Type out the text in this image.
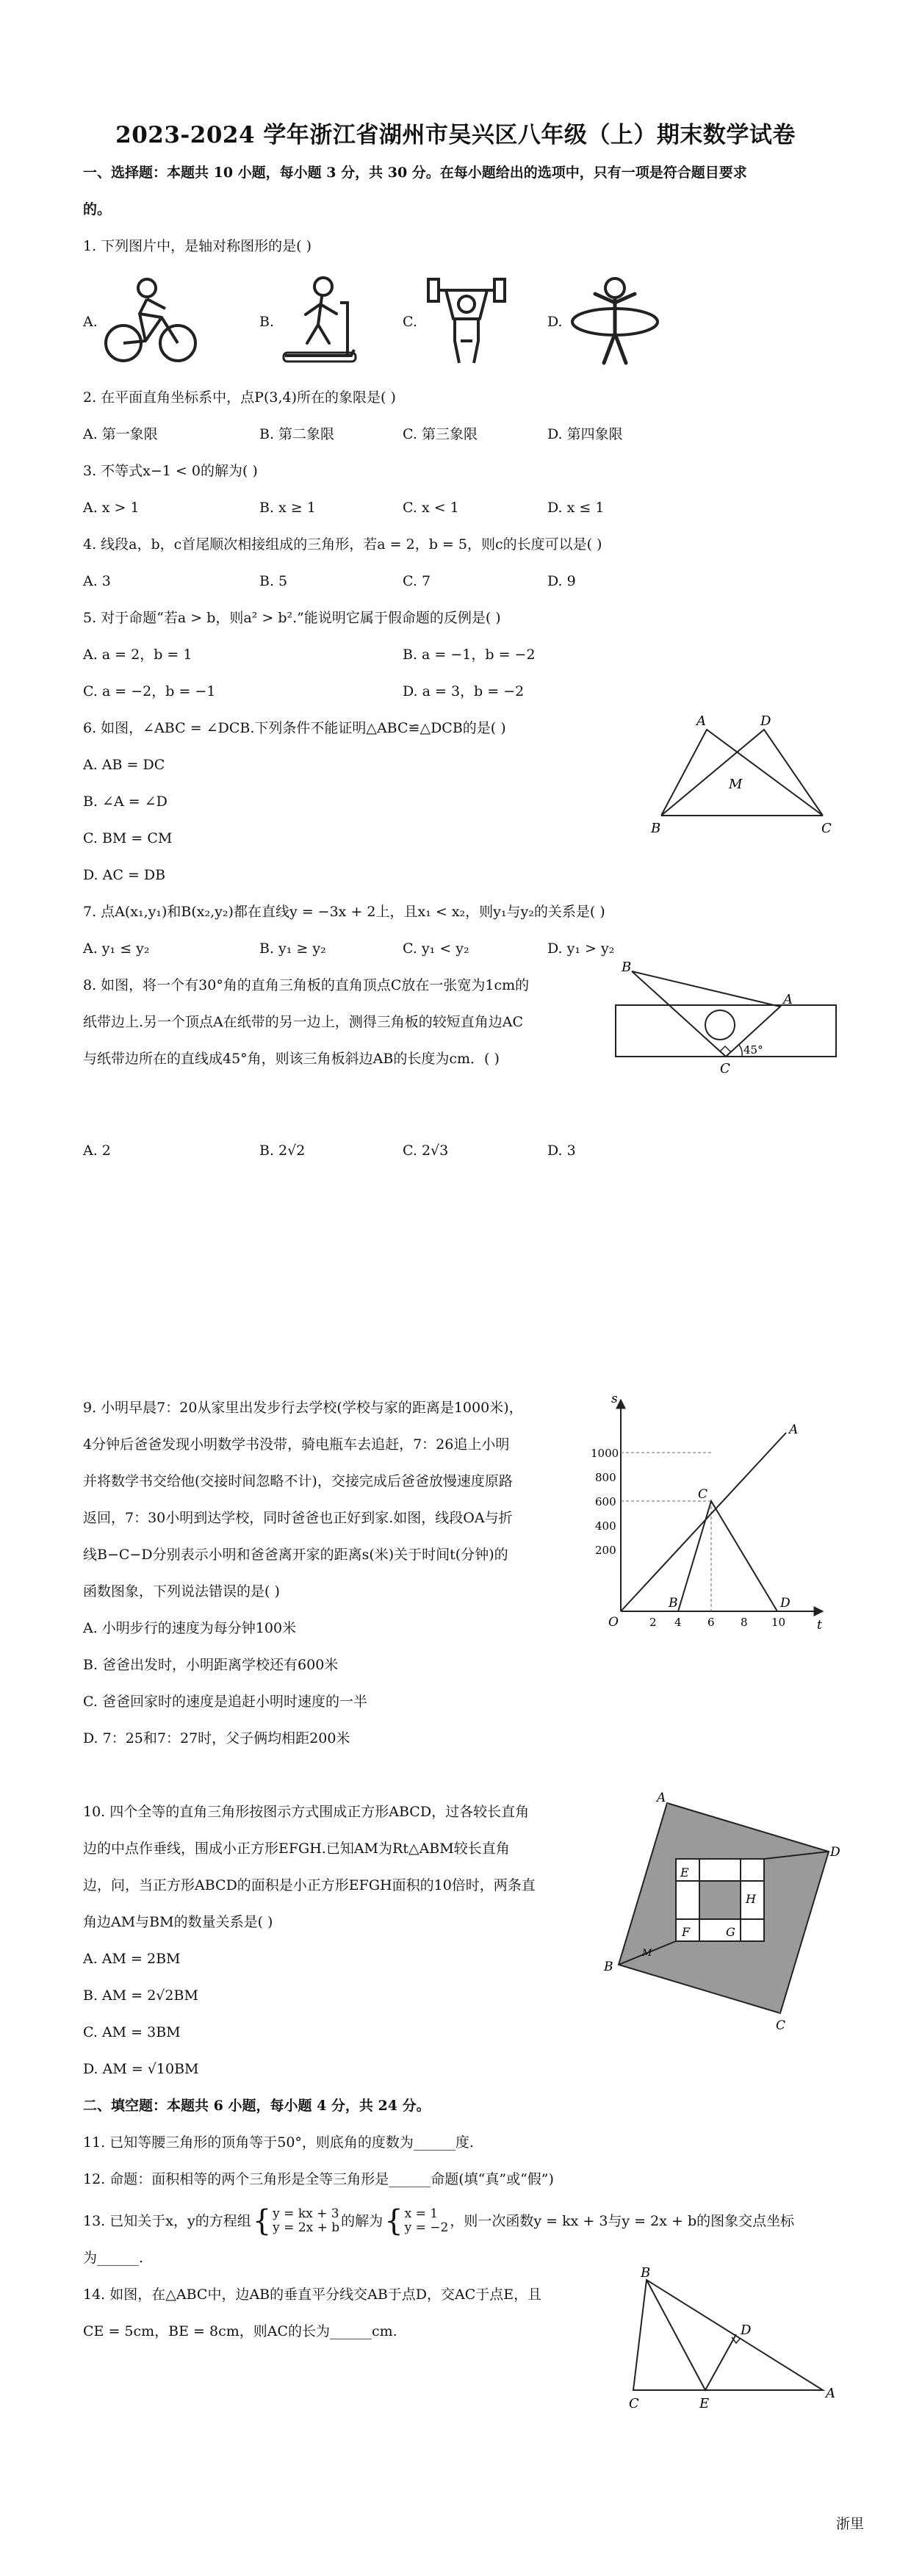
2023-2024 学年浙江省湖州市吴兴区八年级（上）期末数学试卷
一、选择题：本题共 10 小题，每小题 3 分，共 30 分。在每小题给出的选项中，只有一项是符合题目要求
的。
1. 下列图片中，是轴对称图形的是( )
A.	B.	C.	D.
2. 在平面直角坐标系中，点P(3,4)所在的象限是( )
A. 第一象限	B. 第二象限	C. 第三象限	D. 第四象限
3. 不等式x−1 < 0的解为( )
A. x > 1	B. x ≥ 1	C. x < 1	D. x ≤ 1
4. 线段a，b，c首尾顺次相接组成的三角形，若a = 2，b = 5，则c的长度可以是( )
A. 3	B. 5	C. 7	D. 9
5. 对于命题“若a > b，则a² > b².”能说明它属于假命题的反例是( )
A. a = 2，b = 1	B. a = −1，b = −2
C. a = −2，b = −1	D. a = 3，b = −2
6. 如图，∠ABC = ∠DCB.下列条件不能证明△ABC≌△DCB的是( )
A. AB = DC
B. ∠A = ∠D
C. BM = CM
D. AC = DB
A	D
M
B	C
7. 点A(x₁,y₁)和B(x₂,y₂)都在直线y = −3x + 2上，且x₁ < x₂，则y₁与y₂的关系是( )
A. y₁ ≤ y₂	B. y₁ ≥ y₂	C. y₁ < y₂	D. y₁ > y₂
8. 如图，将一个有30°角的直角三角板的直角顶点C放在一张宽为1cm的
纸带边上.另一个顶点A在纸带的另一边上，测得三角板的较短直角边AC
与纸带边所在的直线成45°角，则该三角板斜边AB的长度为cm．( )
B
A
C
45°
A. 2	B. 2√2	C. 2√3	D. 3
9. 小明早晨7：20从家里出发步行去学校(学校与家的距离是1000米)，
4分钟后爸爸发现小明数学书没带，骑电瓶车去追赶，7：26追上小明
并将数学书交给他(交接时间忽略不计)，交接完成后爸爸放慢速度原路
返回，7：30小明到达学校，同时爸爸也正好到家.如图，线段OA与折
线B−C−D分别表示小明和爸爸离开家的距离s(米)关于时间t(分钟)的
函数图象，下列说法错误的是( )
A. 小明步行的速度为每分钟100米
B. 爸爸出发时，小明距离学校还有600米
C. 爸爸回家时的速度是追赶小明时速度的一半
D. 7：25和7：27时，父子俩均相距200米
s
t
O
1000
800
600
400
200
2 4 6 8 10
A
B
C
D
10. 四个全等的直角三角形按图示方式围成正方形ABCD，过各较长直角
边的中点作垂线，围成小正方形EFGH.已知AM为Rt△ABM较长直角
边，问，当正方形ABCD的面积是小正方形EFGH面积的10倍时，两条直
角边AM与BM的数量关系是( )
A. AM = 2BM
B. AM = 2√2BM
C. AM = 3BM
D. AM = √10BM
A
D
B
C
M
E
H
F	G
二、填空题：本题共 6 小题，每小题 4 分，共 24 分。
11. 已知等腰三角形的顶角等于50°，则底角的度数为______度.
12. 命题：面积相等的两个三角形是全等三角形是______命题(填“真”或“假”)
13. 已知关于x，y的方程组 { y = kx + 3
y = 2x + b 的解为 { x = 1
y = −2 ，则一次函数y = kx + 3与y = 2x + b的图象交点坐标
为______.
14. 如图，在△ABC中，边AB的垂直平分线交AB于点D，交AC于点E，且
CE = 5cm，BE = 8cm，则AC的长为______cm.
B
D
A
C	E
浙里
